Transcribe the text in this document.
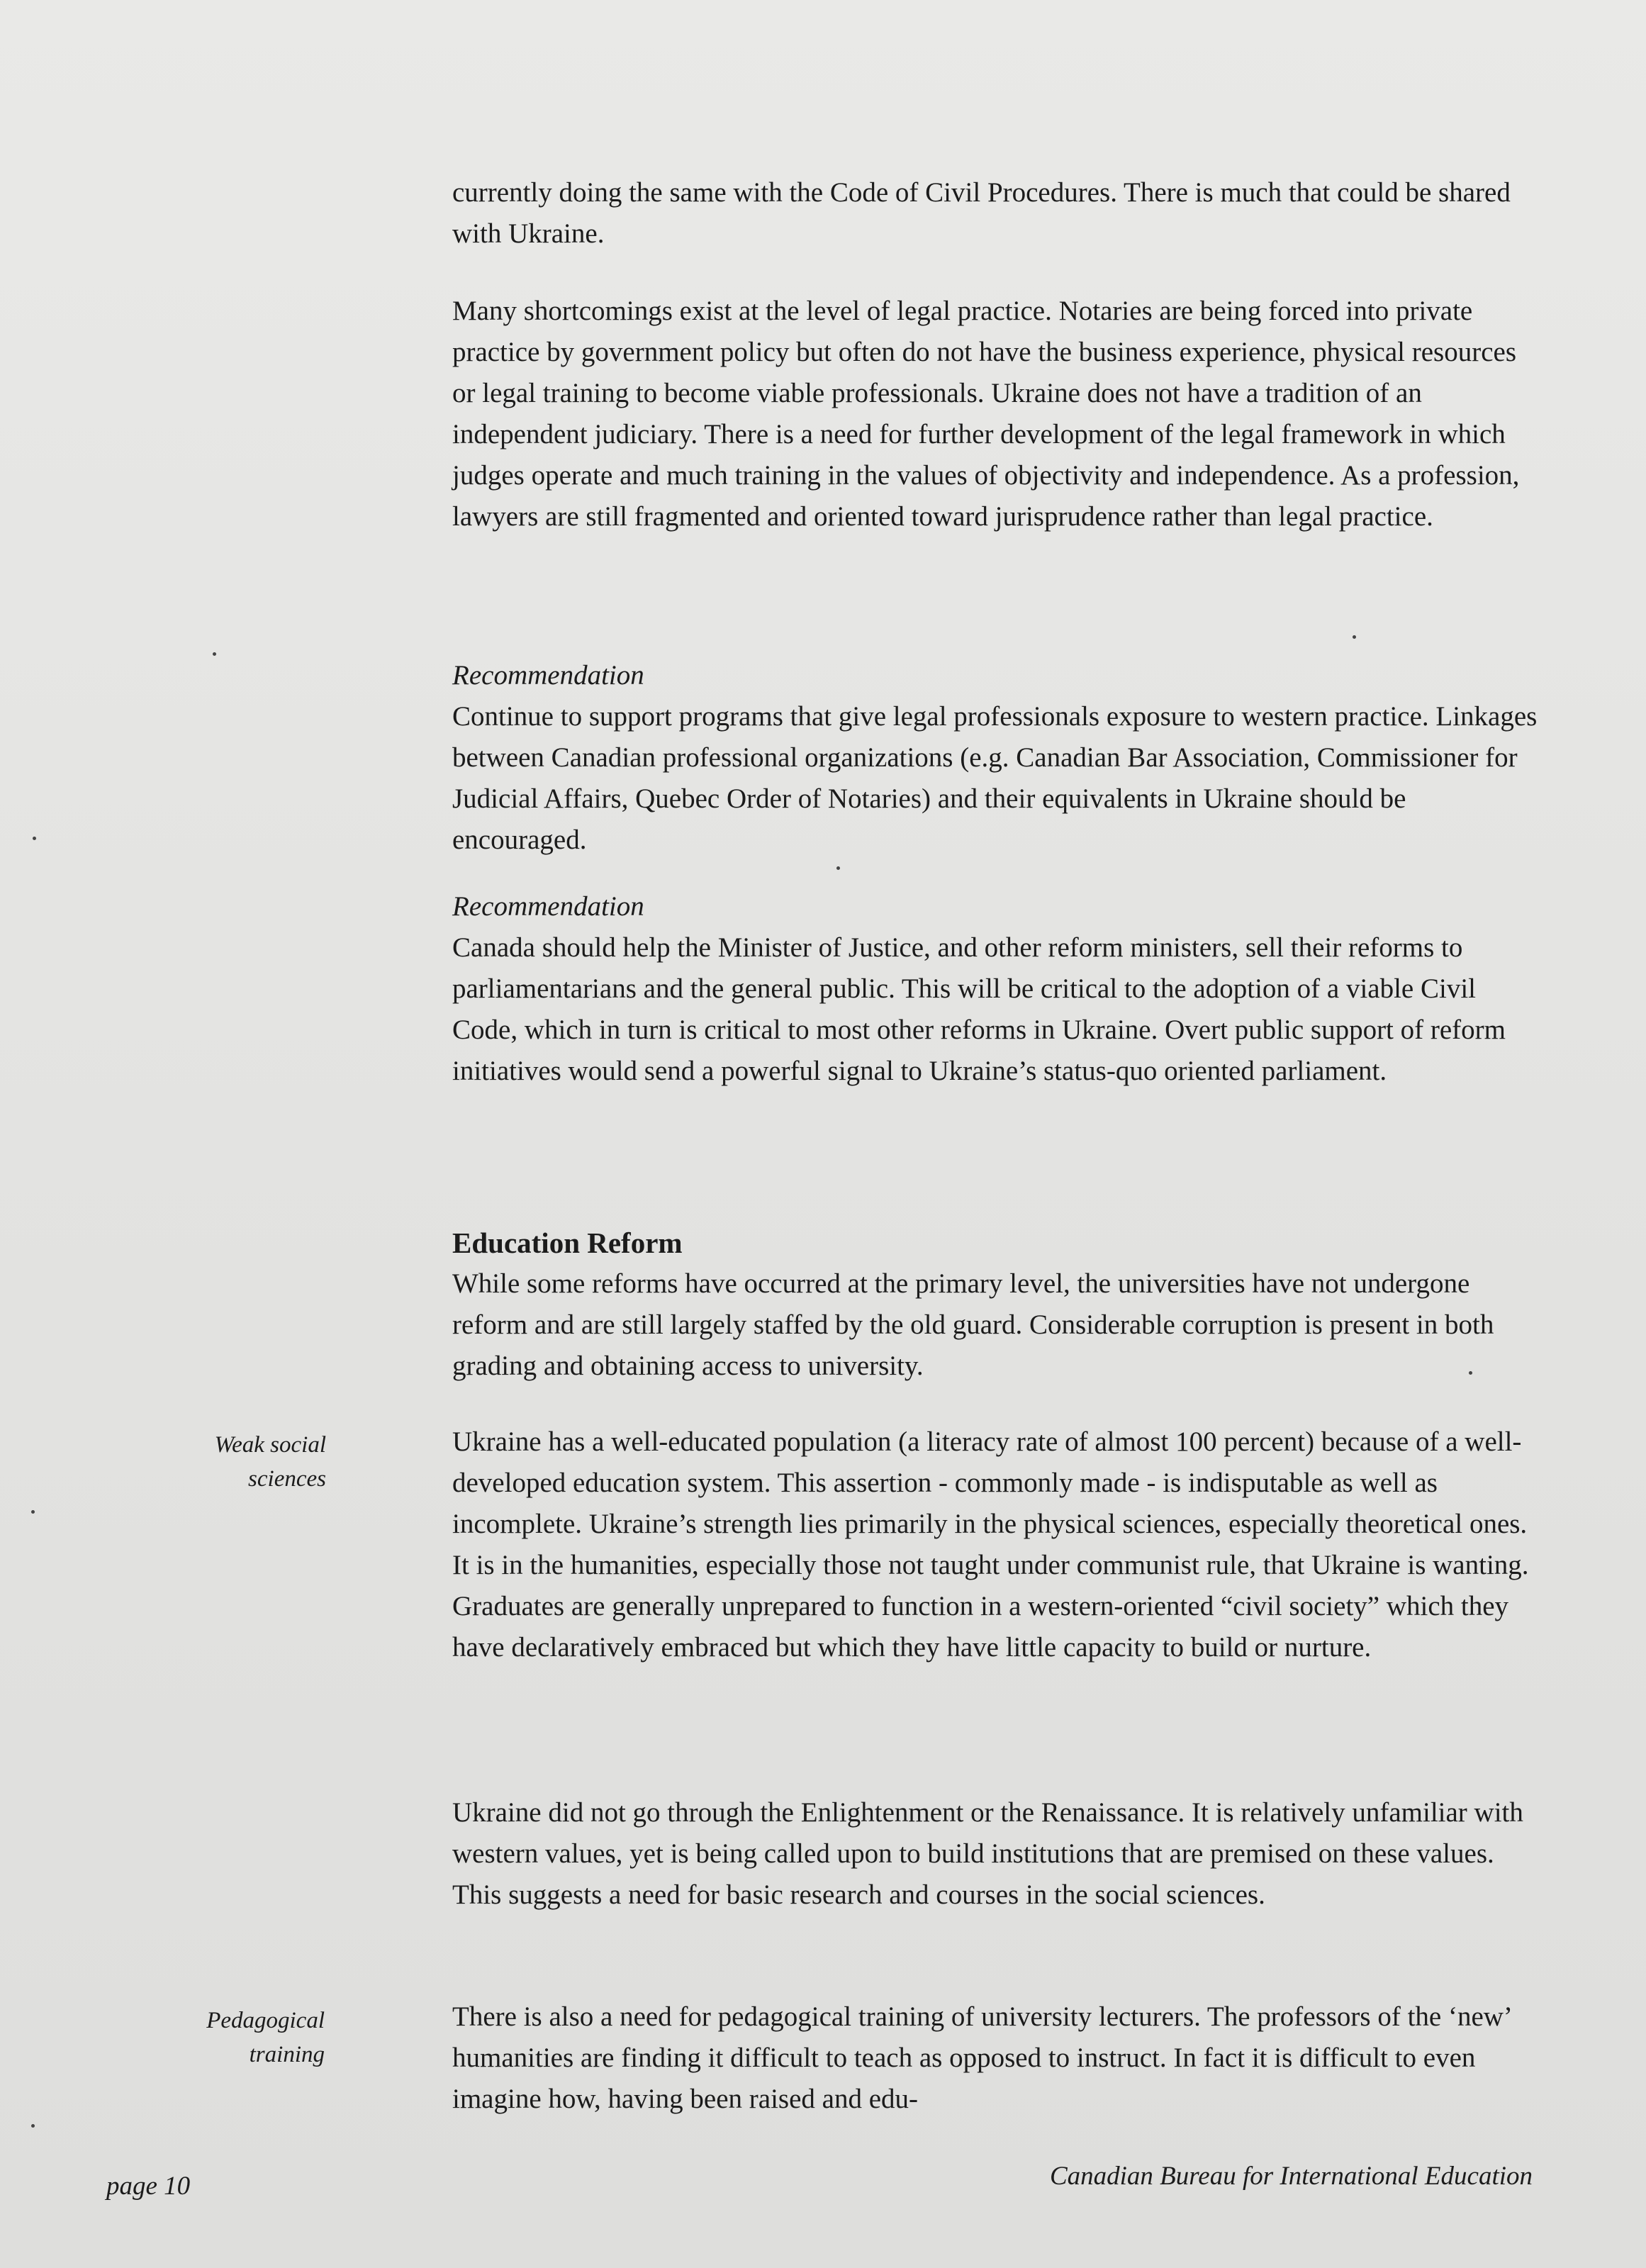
currently doing the same with the Code of Civil Procedures. There is much that could be shared with Ukraine.

Many shortcomings exist at the level of legal practice. Notaries are being forced into private practice by government policy but often do not have the business experience, physical resources or legal training to become viable professionals. Ukraine does not have a tradition of an independent judiciary. There is a need for further development of the legal framework in which judges operate and much training in the values of objectivity and independence. As a profession, lawyers are still fragmented and oriented toward jurisprudence rather than legal practice.

Recommendation
Continue to support programs that give legal professionals exposure to western practice. Linkages between Canadian professional organizations (e.g. Canadian Bar Association, Commissioner for Judicial Affairs, Quebec Order of Notaries) and their equivalents in Ukraine should be encouraged.
Recommendation
Canada should help the Minister of Justice, and other reform ministers, sell their reforms to parliamentarians and the general public. This will be critical to the adoption of a viable Civil Code, which in turn is critical to most other reforms in Ukraine. Overt public support of reform initiatives would send a powerful signal to Ukraine’s status-quo oriented parliament.
Education Reform
While some reforms have occurred at the primary level, the universities have not undergone reform and are still largely staffed by the old guard. Considerable corruption is present in both grading and obtaining access to university.
Weak social
sciences

Ukraine has a well-educated population (a literacy rate of almost 100 percent) because of a well-developed education system. This assertion - commonly made - is indisputable as well as incomplete. Ukraine’s strength lies primarily in the physical sciences, especially theoretical ones. It is in the humanities, especially those not taught under communist rule, that Ukraine is wanting. Graduates are generally unprepared to function in a western-oriented “civil society” which they have declaratively embraced but which they have little capacity to build or nurture.

Ukraine did not go through the Enlightenment or the Renaissance. It is relatively unfamiliar with western values, yet is being called upon to build institutions that are premised on these values. This suggests a need for basic research and courses in the social sciences.

Pedagogical
training

There is also a need for pedagogical training of university lecturers. The professors of the ‘new’ humanities are finding it difficult to teach as opposed to instruct. In fact it is difficult to even imagine how, having been raised and edu-

page 10	Canadian Bureau for International Education
